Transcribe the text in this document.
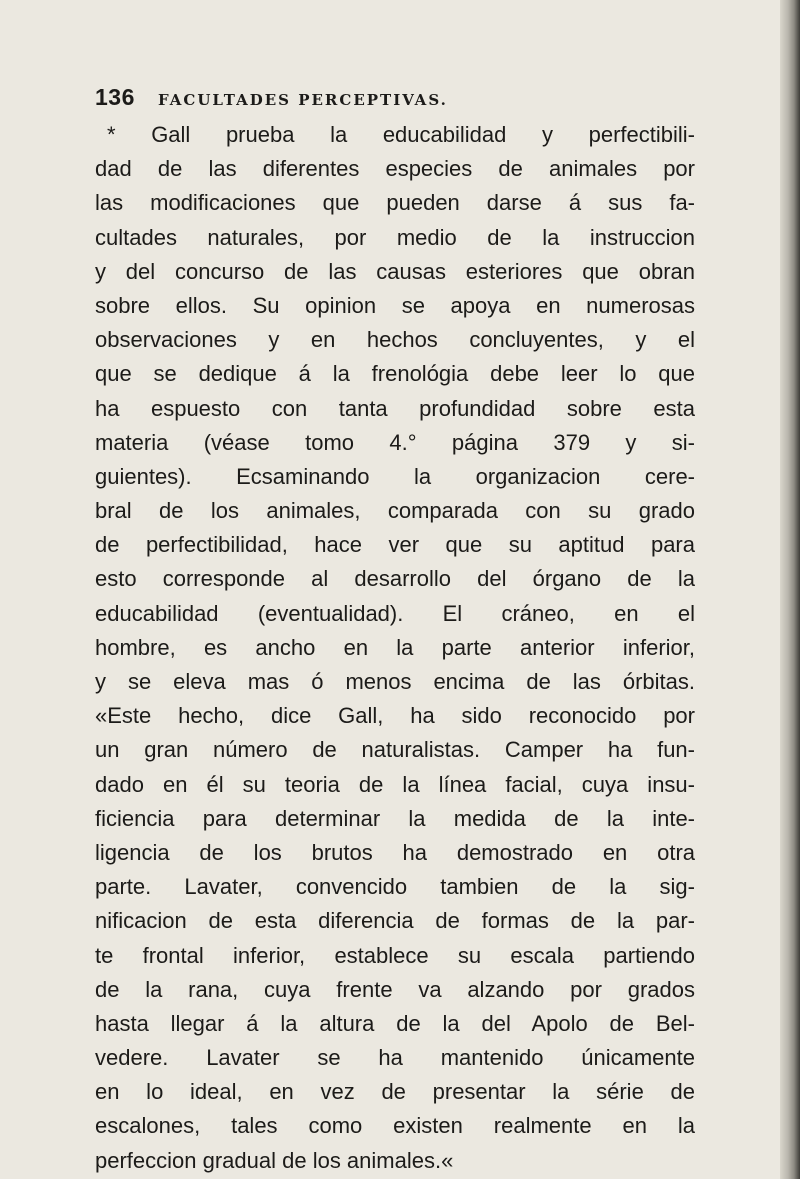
136 FACULTADES PERCEPTIVAS.
* Gall prueba la educabilidad y perfectibili-
dad de las diferentes especies de animales por
las modificaciones que pueden darse á sus fa-
cultades naturales, por medio de la instruccion
y del concurso de las causas esteriores que obran
sobre ellos. Su opinion se apoya en numerosas
observaciones y en hechos concluyentes, y el
que se dedique á la frenológia debe leer lo que
ha espuesto con tanta profundidad sobre esta
materia (véase tomo 4.° página 379 y si-
guientes). Ecsaminando la organizacion cere-
bral de los animales, comparada con su grado
de perfectibilidad, hace ver que su aptitud para
esto corresponde al desarrollo del órgano de la
educabilidad (eventualidad). El cráneo, en el
hombre, es ancho en la parte anterior inferior,
y se eleva mas ó menos encima de las órbitas.
«Este hecho, dice Gall, ha sido reconocido por
un gran número de naturalistas. Camper ha fun-
dado en él su teoria de la línea facial, cuya insu-
ficiencia para determinar la medida de la inte-
ligencia de los brutos ha demostrado en otra
parte. Lavater, convencido tambien de la sig-
nificacion de esta diferencia de formas de la par-
te frontal inferior, establece su escala partiendo
de la rana, cuya frente va alzando por grados
hasta llegar á la altura de la del Apolo de Bel-
vedere. Lavater se ha mantenido únicamente
en lo ideal, en vez de presentar la série de
escalones, tales como existen realmente en la
perfeccion gradual de los animales.«
